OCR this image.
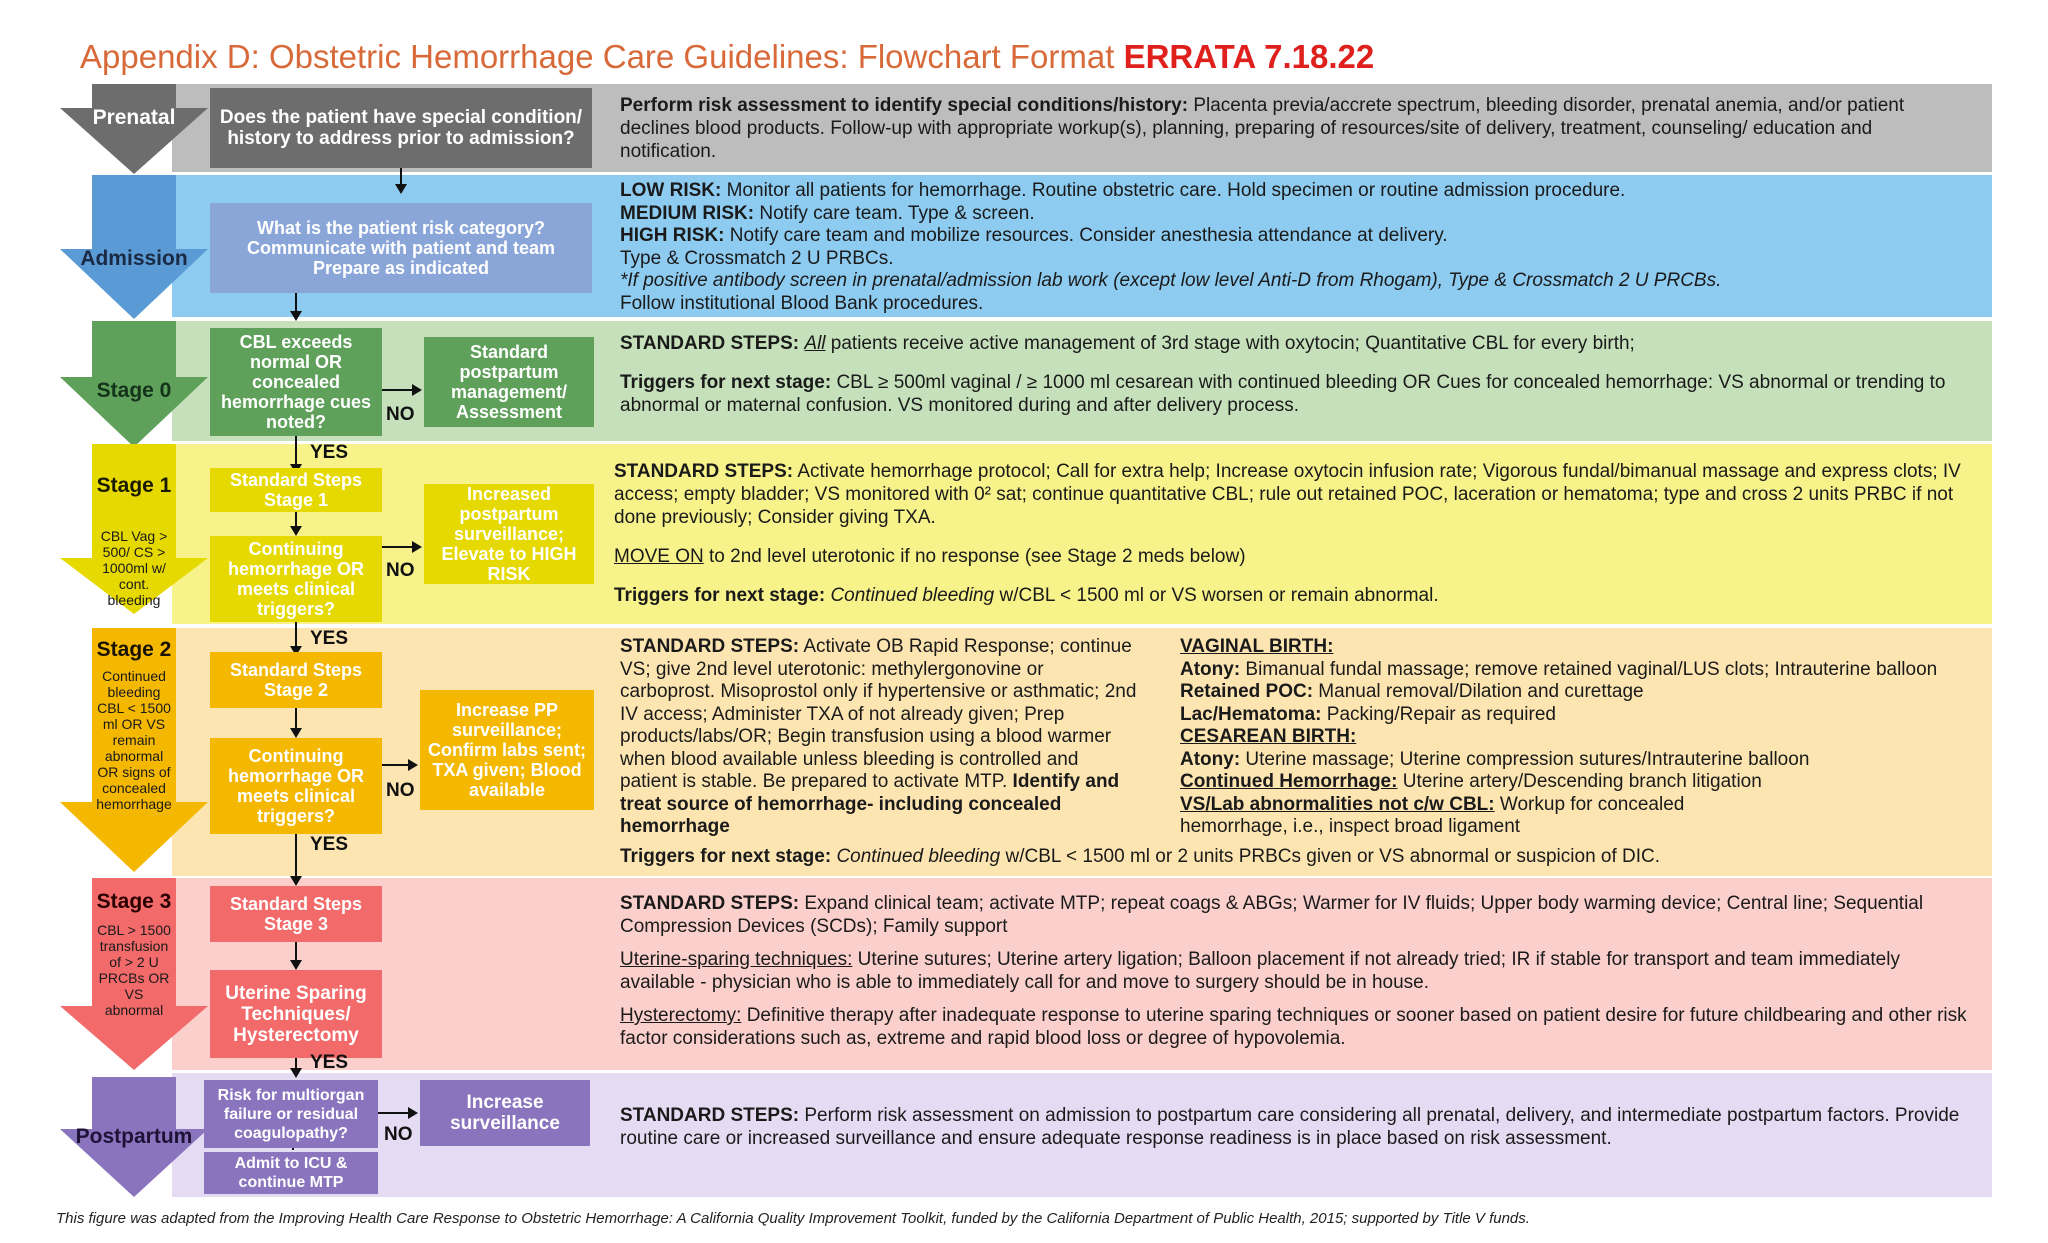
Appendix D: Obstetric Hemorrhage Care Guidelines: Flowchart Format ERRATA 7.18.22
Prenatal
Admission
Stage 0
Stage 1
CBL Vag > 500/ CS > 1000ml w/ cont. bleeding
Stage 2
Continued bleeding CBL < 1500 ml OR VS remain abnormal OR signs of concealed hemorrhage
Stage 3
CBL > 1500 transfusion of > 2 U PRCBs OR VS abnormal
Postpartum
Does the patient have special condition/ history to address prior to admission?
What is the patient risk category? Communicate with patient and team Prepare as indicated
CBL exceeds normal OR concealed hemorrhage cues noted?
Standard postpartum management/ Assessment
NO
YES
Standard Steps Stage 1
Continuing hemorrhage OR meets clinical triggers?
Increased postpartum surveillance; Elevate to HIGH RISK
NO
YES
Standard Steps Stage 2
Continuing hemorrhage OR meets clinical triggers?
Increase PP surveillance; Confirm labs sent; TXA given; Blood available
NO
YES
Standard Steps Stage 3
Uterine Sparing Techniques/ Hysterectomy
YES
Risk for multiorgan failure or residual coagulopathy?
Admit to ICU & continue MTP
Increase surveillance
NO
Perform risk assessment to identify special conditions/history: Placenta previa/accrete spectrum, bleeding disorder, prenatal anemia, and/or patient declines blood products. Follow-up with appropriate workup(s), planning, preparing of resources/site of delivery, treatment, counseling/ education and notification.
LOW RISK: Monitor all patients for hemorrhage. Routine obstetric care. Hold specimen or routine admission procedure.
MEDIUM RISK: Notify care team. Type & screen.
HIGH RISK: Notify care team and mobilize resources. Consider anesthesia attendance at delivery.
Type & Crossmatch 2 U PRBCs.
*If positive antibody screen in prenatal/admission lab work (except low level Anti-D from Rhogam), Type & Crossmatch 2 U PRCBs.
Follow institutional Blood Bank procedures.
STANDARD STEPS: All patients receive active management of 3rd stage with oxytocin; Quantitative CBL for every birth;
Triggers for next stage: CBL ≥ 500ml vaginal / ≥ 1000 ml cesarean with continued bleeding OR Cues for concealed hemorrhage: VS abnormal or trending to abnormal or maternal confusion. VS monitored during and after delivery process.
STANDARD STEPS: Activate hemorrhage protocol; Call for extra help; Increase oxytocin infusion rate; Vigorous fundal/bimanual massage and express clots; IV access; empty bladder; VS monitored with 0² sat; continue quantitative CBL; rule out retained POC, laceration or hematoma; type and cross 2 units PRBC if not done previously; Consider giving TXA.
MOVE ON to 2nd level uterotonic if no response (see Stage 2 meds below)
Triggers for next stage: Continued bleeding w/CBL < 1500 ml or VS worsen or remain abnormal.
STANDARD STEPS: Activate OB Rapid Response; continue VS; give 2nd level uterotonic: methylergonovine or carboprost. Misoprostol only if hypertensive or asthmatic; 2nd IV access; Administer TXA of not already given; Prep products/labs/OR; Begin transfusion using a blood warmer when blood available unless bleeding is controlled and patient is stable. Be prepared to activate MTP. Identify and treat source of hemorrhage- including concealed hemorrhage
VAGINAL BIRTH:
Atony: Bimanual fundal massage; remove retained vaginal/LUS clots; Intrauterine balloon
Retained POC: Manual removal/Dilation and curettage
Lac/Hematoma: Packing/Repair as required
CESAREAN BIRTH:
Atony: Uterine massage; Uterine compression sutures/Intrauterine balloon
Continued Hemorrhage: Uterine artery/Descending branch litigation
VS/Lab abnormalities not c/w CBL: Workup for concealed hemorrhage, i.e., inspect broad ligament
Triggers for next stage: Continued bleeding w/CBL < 1500 ml or 2 units PRBCs given or VS abnormal or suspicion of DIC.
STANDARD STEPS: Expand clinical team; activate MTP; repeat coags & ABGs; Warmer for IV fluids; Upper body warming device; Central line; Sequential Compression Devices (SCDs); Family support
Uterine-sparing techniques: Uterine sutures; Uterine artery ligation; Balloon placement if not already tried; IR if stable for transport and team immediately available - physician who is able to immediately call for and move to surgery should be in house.
Hysterectomy: Definitive therapy after inadequate response to uterine sparing techniques or sooner based on patient desire for future childbearing and other risk factor considerations such as, extreme and rapid blood loss or degree of hypovolemia.
STANDARD STEPS: Perform risk assessment on admission to postpartum care considering all prenatal, delivery, and intermediate postpartum factors. Provide routine care or increased surveillance and ensure adequate response readiness is in place based on risk assessment.
This figure was adapted from the Improving Health Care Response to Obstetric Hemorrhage: A California Quality Improvement Toolkit, funded by the California Department of Public Health, 2015; supported by Title V funds.
